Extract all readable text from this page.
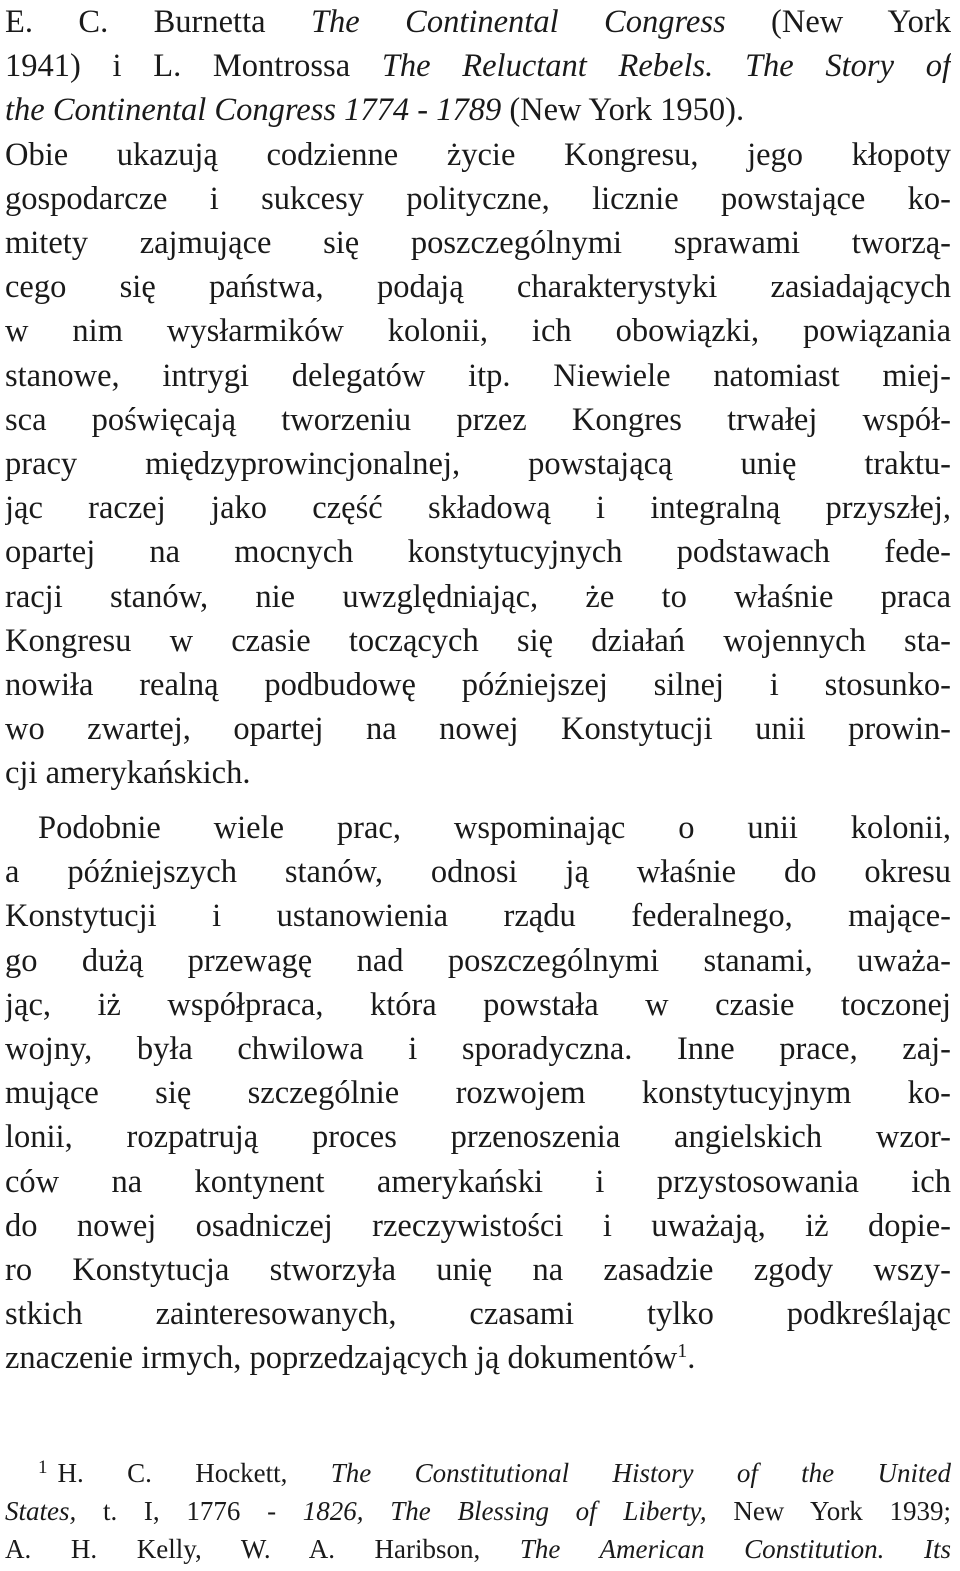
E. C. Burnetta The Continental Congress (New York
1941) i L. Montrossa The Reluctant Rebels. The Story of
the Continental Congress 1774 - 1789 (New York 1950).
Obie ukazują codzienne życie Kongresu, jego kłopoty
gospodarcze i sukcesy polityczne, licznie powstające ko-
mitety zajmujące się poszczególnymi sprawami tworzą-
cego się państwa, podają charakterystyki zasiadających
w nim wysłarmików kolonii, ich obowiązki, powiązania
stanowe, intrygi delegatów itp. Niewiele natomiast miej-
sca poświęcają tworzeniu przez Kongres trwałej współ-
pracy międzyprowincjonalnej, powstającą unię traktu-
jąc raczej jako część składową i integralną przyszłej,
opartej na mocnych konstytucyjnych podstawach fede-
racji stanów, nie uwzględniając, że to właśnie praca
Kongresu w czasie toczących się działań wojennych sta-
nowiła realną podbudowę późniejszej silnej i stosunko-
wo zwartej, opartej na nowej Konstytucji unii prowin-
cji amerykańskich.
Podobnie wiele prac, wspominając o unii kolonii,
a późniejszych stanów, odnosi ją właśnie do okresu
Konstytucji i ustanowienia rządu federalnego, mające-
go dużą przewagę nad poszczególnymi stanami, uważa-
jąc, iż współpraca, która powstała w czasie toczonej
wojny, była chwilowa i sporadyczna. Inne prace, zaj-
mujące się szczególnie rozwojem konstytucyjnym ko-
lonii, rozpatrują proces przenoszenia angielskich wzor-
ców na kontynent amerykański i przystosowania ich
do nowej osadniczej rzeczywistości i uważają, iż dopie-
ro Konstytucja stworzyła unię na zasadzie zgody wszy-
stkich zainteresowanych, czasami tylko podkreślając
znaczenie irmych, poprzedzających ją dokumentów$^1$.
$^1$ H. C. Hockett, The Constitutional History of the United
States, t. I, 1776 - 1826, The Blessing of Liberty, New York 1939;
A. H. Kelly, W. A. Haribson, The American Constitution. Its
